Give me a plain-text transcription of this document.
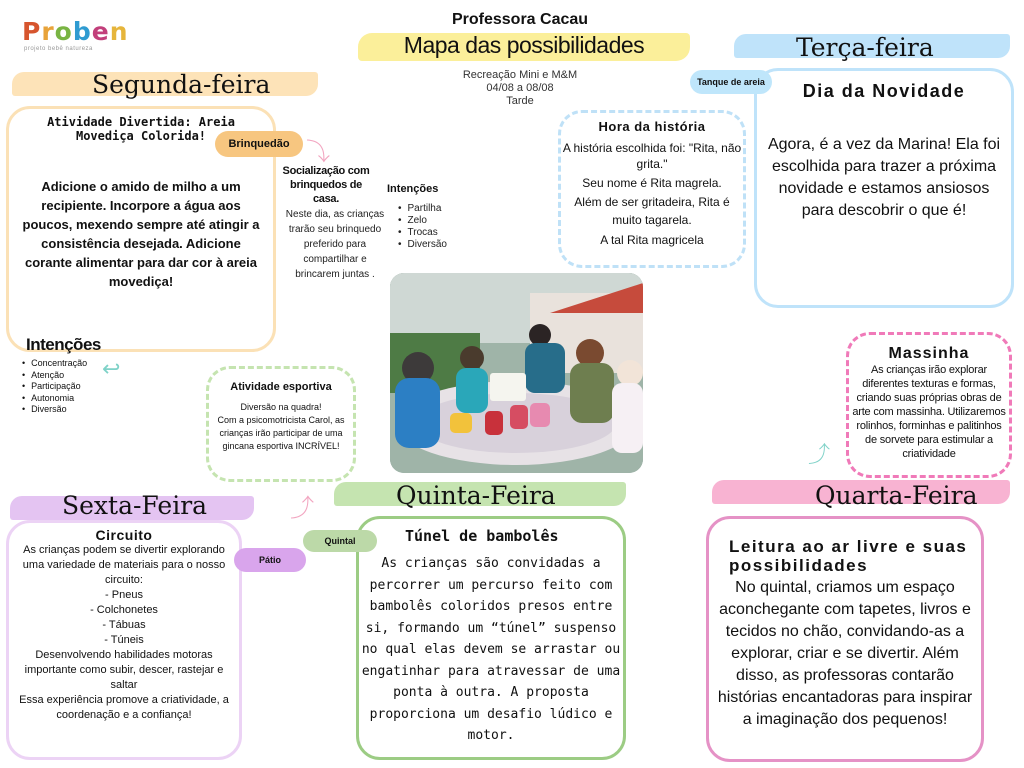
Proben
projeto bebê natureza
Professora Cacau
Mapa das possibilidades
Recreação Mini e M&M
04/08 a 08/08
Tarde
Segunda-feira
Atividade Divertida: Areia Movediça Colorida!
Adicione o amido de milho a um recipiente. Incorpore a água aos poucos, mexendo sempre até atingir a consistência desejada. Adicione corante alimentar para dar cor à areia movediça!
Brinquedão
Intenções
• Concentração
• Atenção
• Participação
• Autonomia
• Diversão
↩
⤵
Socialização com brinquedos de casa.
Neste dia, as crianças trarão seu brinquedo preferido para compartilhar e brincarem juntas .
Intenções
• Partilha
• Zelo
• Trocas
• Diversão
Hora da história
A história escolhida foi: "Rita, não grita."
Seu nome é Rita magrela.
Além de ser gritadeira, Rita é muito tagarela.
A tal Rita magricela
Terça-feira
Dia da Novidade
Agora, é a vez da Marina! Ela foi escolhida para trazer a próxima novidade e estamos ansiosos para descobrir o que é!
Tanque de areia
Massinha
As crianças irão explorar diferentes texturas e formas, criando suas próprias obras de arte com massinha. Utilizaremos rolinhos, forminhas e palitinhos de sorvete para estimular a criatividade
⤴
Atividade esportiva
Diversão na quadra!
Com a psicomotricista Carol, as crianças irão participar de uma gincana esportiva INCRÍVEL!
⤴	Quinta-Feira
Túnel de bambolês
As crianças são convidadas a percorrer um percurso feito com bambolês coloridos presos entre si, formando um “túnel” suspenso no qual elas devem se arrastar ou engatinhar para atravessar de uma ponta à outra. A proposta proporciona um desafio lúdico e motor.
Quintal
Quarta-Feira
Leitura ao ar livre e suas possibilidades
No quintal, criamos um espaço aconchegante com tapetes, livros e tecidos no chão, convidando-as a explorar, criar e se divertir. Além disso, as professoras contarão histórias encantadoras para inspirar a imaginação dos pequenos!
Sexta-Feira
Circuito
As crianças podem se divertir explorando uma variedade de materiais para o nosso circuito:
- Pneus
- Colchonetes
- Tábuas
- Túneis
Desenvolvendo habilidades motoras importante como subir, descer, rastejar e saltar
Essa experiência promove a criatividade, a coordenação e a confiança!
Pátio
